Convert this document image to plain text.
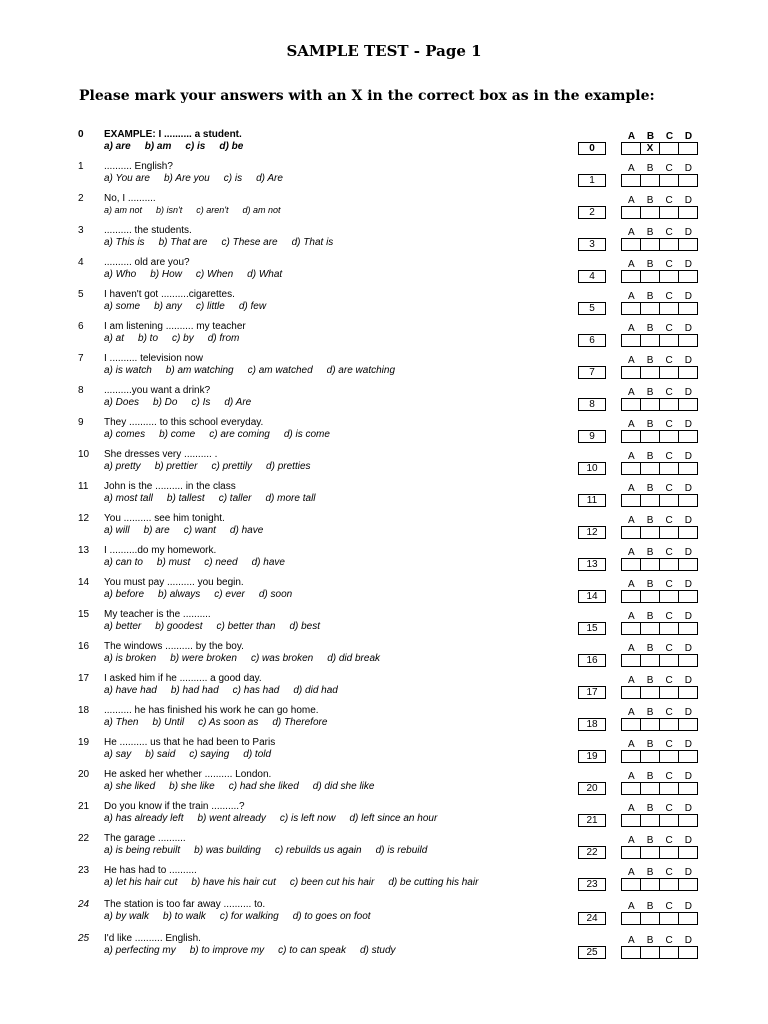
SAMPLE TEST - Page 1
Please mark your answers with an X in the correct box as in the example:
0 EXAMPLE: I .......... a student.
a) are b) am c) is d) be
A B C D
0	X
1 .......... English?
a) You are b) Are you c) is d) Are
A B C D
1
2 No, I ..........
a) am not b) isn't c) aren't d) am not
A B C D
2
3 .......... the students.
a) This is b) That are c) These are d) That is
A B C D
3
4 .......... old are you?
a) Who b) How c) When d) What
A B C D
4
5 I haven't got ..........cigarettes.
a) some b) any c) little d) few
A B C D
5
6 I am listening .......... my teacher
a) at b) to c) by d) from
A B C D
6
7 I .......... television now
a) is watch b) am watching c) am watched d) are watching
A B C D
7
8 ..........you want a drink?
a) Does b) Do c) Is d) Are
A B C D
8
9 They .......... to this school everyday.
a) comes b) come c) are coming d) is come
A B C D
9
10 She dresses very .......... .
a) pretty b) prettier c) prettily d) pretties
A B C D
10
11 John is the .......... in the class
a) most tall b) tallest c) taller d) more tall
A B C D
11
12 You .......... see him tonight.
a) will b) are c) want d) have
A B C D
12
13 I ..........do my homework.
a) can to b) must c) need d) have
A B C D
13
14 You must pay .......... you begin.
a) before b) always c) ever d) soon
A B C D
14
15 My teacher is the ..........
a) better b) goodest c) better than d) best
A B C D
15
16 The windows .......... by the boy.
a) is broken b) were broken c) was broken d) did break
A B C D
16
17 I asked him if he .......... a good day.
a) have had b) had had c) has had d) did had
A B C D
17
18 .......... he has finished his work he can go home.
a) Then b) Until c) As soon as d) Therefore
A B C D
18
19 He .......... us that he had been to Paris
a) say b) said c) saying d) told
A B C D
19
20 He asked her whether .......... London.
a) she liked b) she like c) had she liked d) did she like
A B C D
20
21 Do you know if the train ..........?
a) has already left b) went already c) is left now d) left since an hour
A B C D
21
22 The garage ..........
a) is being rebuilt b) was building c) rebuilds us again d) is rebuild
A B C D
22
23 He has had to ..........
a) let his hair cut b) have his hair cut c) been cut his hair d) be cutting his hair
A B C D
23
24 The station is too far away .......... to.
a) by walk b) to walk c) for walking d) to goes on foot
A B C D
24
25 I'd like .......... English.
a) perfecting my b) to improve my c) to can speak d) study
A B C D
25
